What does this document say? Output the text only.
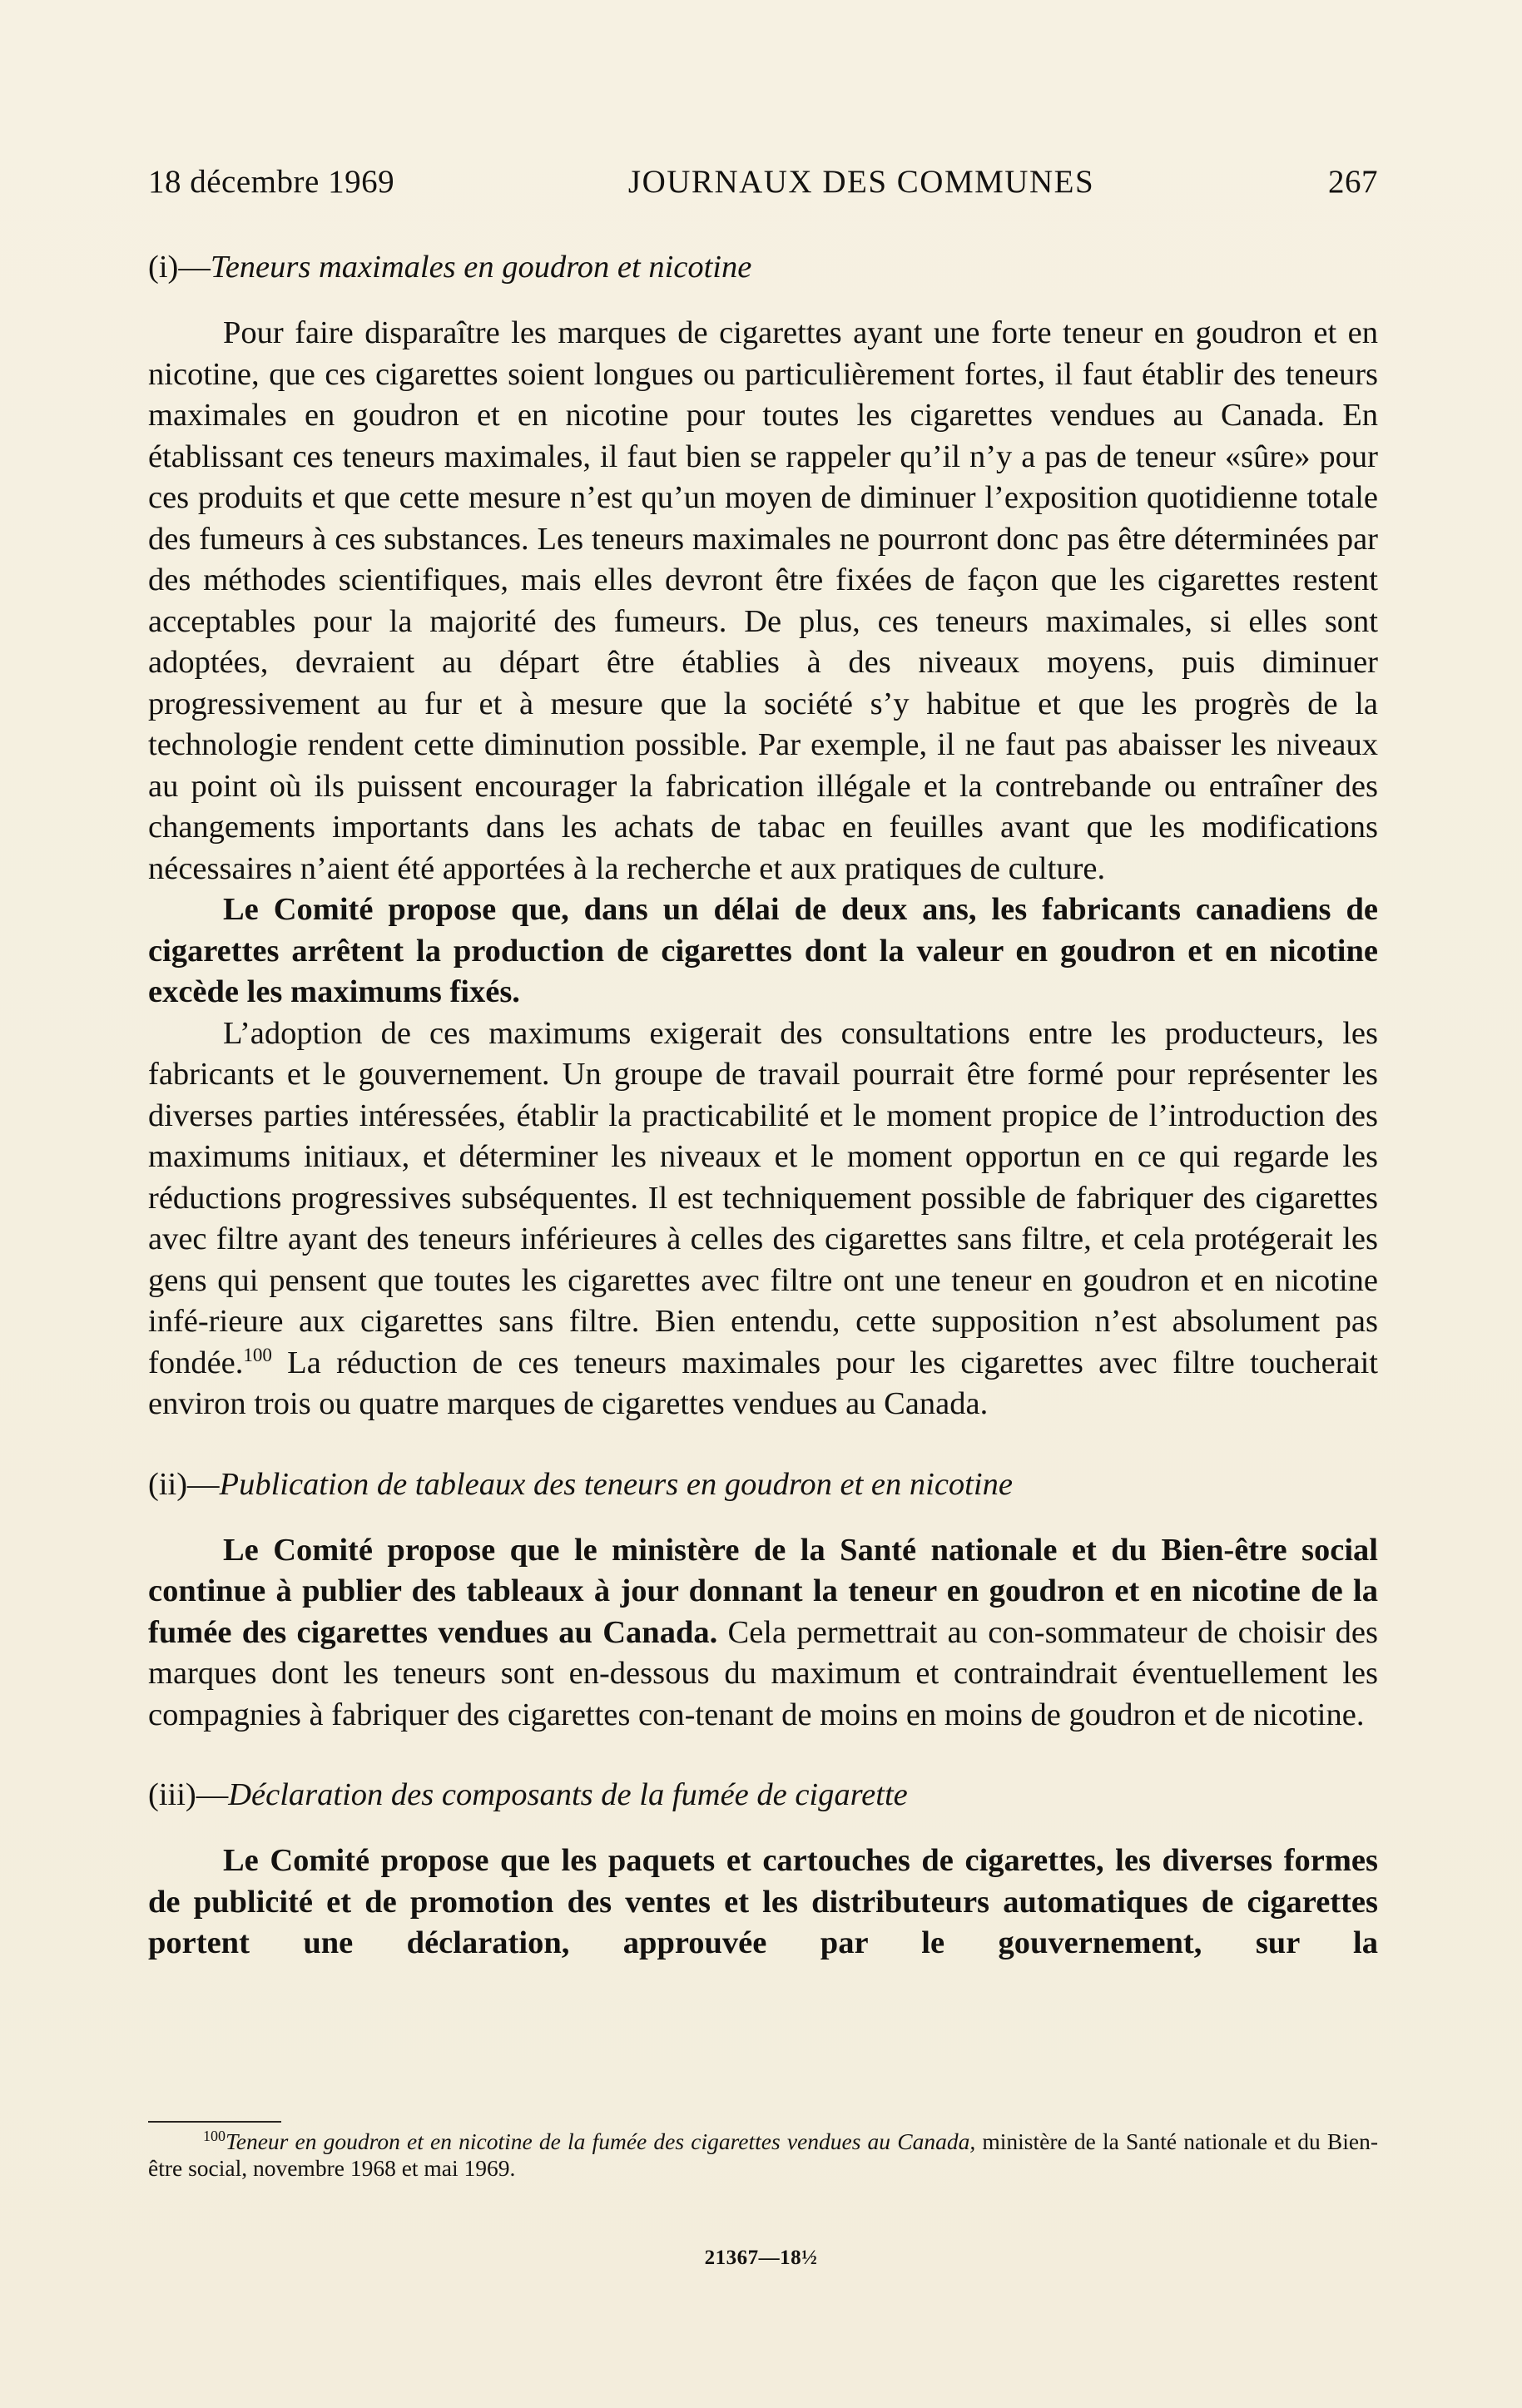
18 décembre 1969	JOURNAUX DES COMMUNES	267
(i)—Teneurs maximales en goudron et nicotine

Pour faire disparaître les marques de cigarettes ayant une forte teneur en goudron et en nicotine, que ces cigarettes soient longues ou particulièrement fortes, il faut établir des teneurs maximales en goudron et en nicotine pour toutes les cigarettes vendues au Canada. En établissant ces teneurs maximales, il faut bien se rappeler qu’il n’y a pas de teneur «sûre» pour ces produits et que cette mesure n’est qu’un moyen de diminuer l’exposition quotidienne totale des fumeurs à ces substances. Les teneurs maximales ne pourront donc pas être déterminées par des méthodes scientifiques, mais elles devront être fixées de façon que les cigarettes restent acceptables pour la majorité des fumeurs. De plus, ces teneurs maximales, si elles sont adoptées, devraient au départ être établies à des niveaux moyens, puis diminuer progressivement au fur et à mesure que la société s’y habitue et que les progrès de la technologie rendent cette diminution possible. Par exemple, il ne faut pas abaisser les niveaux au point où ils puissent encourager la fabrication illégale et la contrebande ou entraîner des changements importants dans les achats de tabac en feuilles avant que les modifications nécessaires n’aient été apportées à la recherche et aux pratiques de culture.

Le Comité propose que, dans un délai de deux ans, les fabricants canadiens de cigarettes arrêtent la production de cigarettes dont la valeur en goudron et en nicotine excède les maximums fixés.

L’adoption de ces maximums exigerait des consultations entre les producteurs, les fabricants et le gouvernement. Un groupe de travail pourrait être formé pour représenter les diverses parties intéressées, établir la practicabilité et le moment propice de l’introduction des maximums initiaux, et déterminer les niveaux et le moment opportun en ce qui regarde les réductions progressives subséquentes. Il est techniquement possible de fabriquer des cigarettes avec filtre ayant des teneurs inférieures à celles des cigarettes sans filtre, et cela protégerait les gens qui pensent que toutes les cigarettes avec filtre ont une teneur en goudron et en nicotine infé-rieure aux cigarettes sans filtre. Bien entendu, cette supposition n’est absolument pas fondée.$^{100}$ La réduction de ces teneurs maximales pour les cigarettes avec filtre toucherait environ trois ou quatre marques de cigarettes vendues au Canada.

(ii)—Publication de tableaux des teneurs en goudron et en nicotine

Le Comité propose que le ministère de la Santé nationale et du Bien-être social continue à publier des tableaux à jour donnant la teneur en goudron et en nicotine de la fumée des cigarettes vendues au Canada. Cela permettrait au con-sommateur de choisir des marques dont les teneurs sont en-dessous du maximum et contraindrait éventuellement les compagnies à fabriquer des cigarettes con-tenant de moins en moins de goudron et de nicotine.

(iii)—Déclaration des composants de la fumée de cigarette

Le Comité propose que les paquets et cartouches de cigarettes, les diverses formes de publicité et de promotion des ventes et les distributeurs automatiques de cigarettes portent une déclaration, approuvée par le gouvernement, sur la

$^{100}$Teneur en goudron et en nicotine de la fumée des cigarettes vendues au Canada, ministère de la Santé nationale et du Bien-être social, novembre 1968 et mai 1969.
21367—18½
